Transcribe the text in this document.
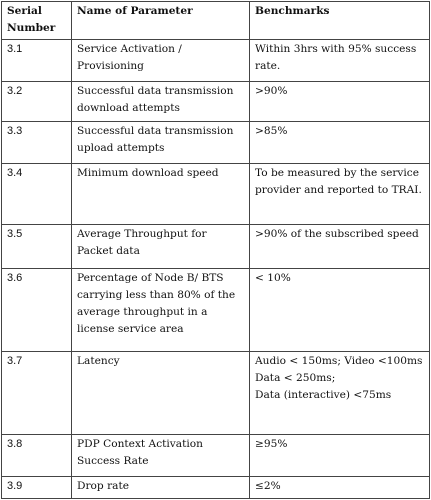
Serial Number	Name of Parameter	Benchmarks
3.1	Service Activation / Provisioning	Within 3hrs with 95% success rate.
3.2	Successful data transmission download attempts	>90%
3.3	Successful data transmission upload attempts	>85%
3.4	Minimum download speed	To be measured by the service provider and reported to TRAI.
3.5	Average Throughput for Packet data	>90% of the subscribed speed
3.6	Percentage of Node B/ BTS carrying less than 80% of the average throughput in a license service area	< 10%
3.7	Latency	Audio < 150ms; Video <100ms
Data < 250ms;
Data (interactive) <75ms

3.8	PDP Context Activation Success Rate	≥95%
3.9	Drop rate	≤2%
